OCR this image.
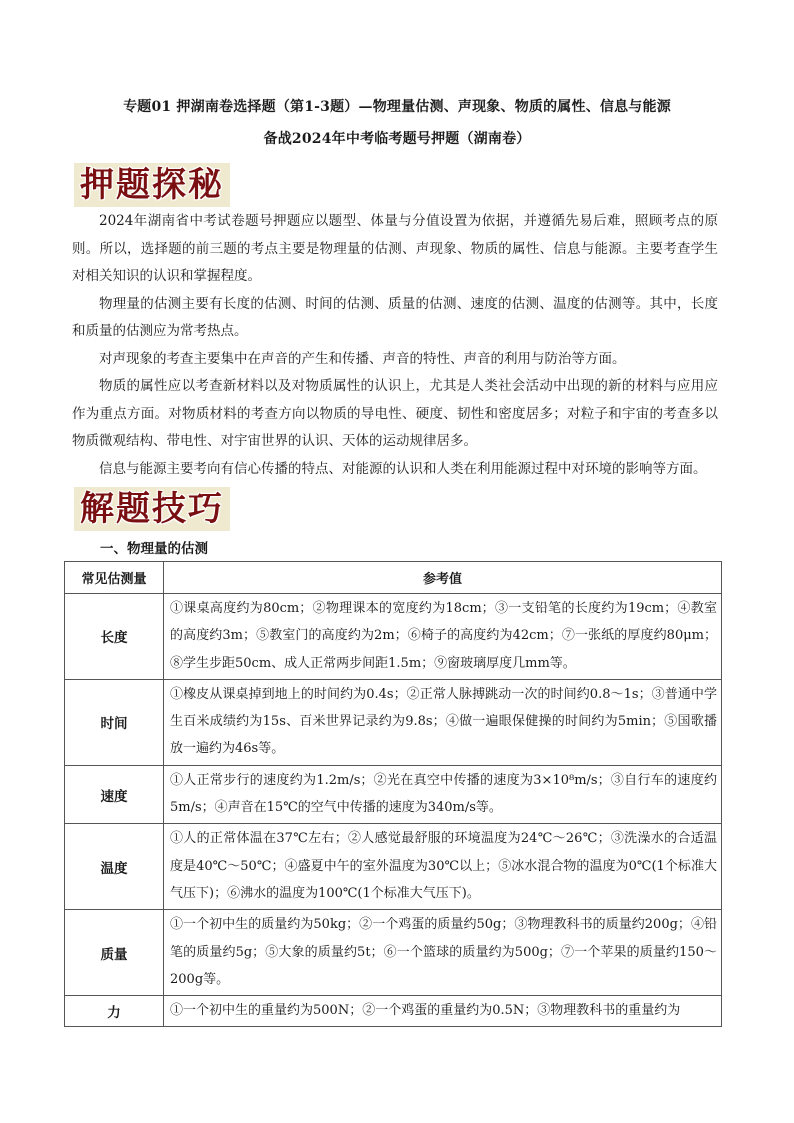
专题01 押湖南卷选择题（第1-3题）—物理量估测、声现象、物质的属性、信息与能源
备战2024年中考临考题号押题（湖南卷）
押题探秘

2024年湖南省中考试卷题号押题应以题型、体量与分值设置为依据，并遵循先易后难，照顾考点的原则。所以，选择题的前三题的考点主要是物理量的估测、声现象、物质的属性、信息与能源。主要考查学生对相关知识的认识和掌握程度。

物理量的估测主要有长度的估测、时间的估测、质量的估测、速度的估测、温度的估测等。其中，长度和质量的估测应为常考热点。

对声现象的考查主要集中在声音的产生和传播、声音的特性、声音的利用与防治等方面。

物质的属性应以考查新材料以及对物质属性的认识上，尤其是人类社会活动中出现的新的材料与应用应作为重点方面。对物质材料的考查方向以物质的导电性、硬度、韧性和密度居多；对粒子和宇宙的考查多以物质微观结构、带电性、对宇宙世界的认识、天体的运动规律居多。

信息与能源主要考向有信心传播的特点、对能源的认识和人类在利用能源过程中对环境的影响等方面。

解题技巧
一、物理量的估测
常见估测量	参考值
长度	①课桌高度约为80cm；②物理课本的宽度约为18cm；③一支铅笔的长度约为19cm；④教室的高度约3m；⑤教室门的高度约为2m；⑥椅子的高度约为42cm；⑦一张纸的厚度约80μm；⑧学生步距50cm、成人正常两步间距1.5m；⑨窗玻璃厚度几mm等。
时间	①橡皮从课桌掉到地上的时间约为0.4s；②正常人脉搏跳动一次的时间约0.8～1s；③普通中学生百米成绩约为15s、百米世界记录约为9.8s；④做一遍眼保健操的时间约为5min；⑤国歌播放一遍约为46s等。
速度	①人正常步行的速度约为1.2m/s；②光在真空中传播的速度为3×10⁸m/s；③自行车的速度约5m/s；④声音在15℃的空气中传播的速度为340m/s等。
温度	①人的正常体温在37℃左右；②人感觉最舒服的环境温度为24℃～26℃；③洗澡水的合适温度是40℃～50℃；④盛夏中午的室外温度为30℃以上；⑤冰水混合物的温度为0℃(1个标准大气压下)；⑥沸水的温度为100℃(1个标准大气压下)。
质量	①一个初中生的质量约为50kg；②一个鸡蛋的质量约50g；③物理教科书的质量约200g；④铅笔的质量约5g；⑤大象的质量约5t；⑥一个篮球的质量约为500g；⑦一个苹果的质量约150～200g等。
力	①一个初中生的重量约为500N；②一个鸡蛋的重量约为0.5N；③物理教科书的重量约为
